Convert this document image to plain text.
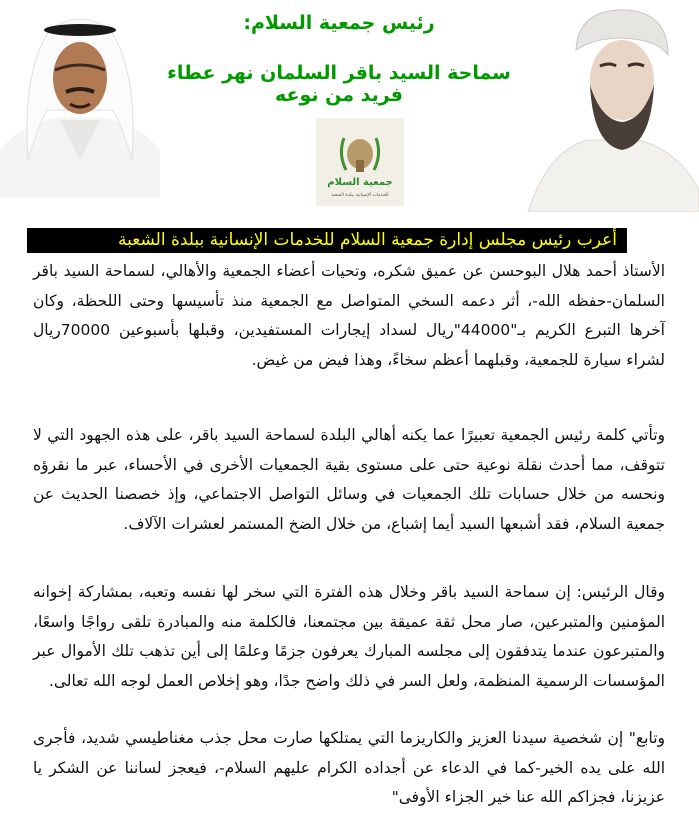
رئيس جمعية السلام:
سماحة السيد باقر السلمان نهر عطاء فريد من نوعه
جمعية السلام
للخدمات الإنسانية ببلدة الشعبة
أعرب رئيس مجلس إدارة جمعية السلام للخدمات الإنسانية ببلدة الشعبة

الأستاذ أحمد هلال البوحسن عن عميق شكره، وتحيات أعضاء الجمعية والأهالي، لسماحة السيد باقر السلمان-حفظه الله-، أثر دعمه السخي المتواصل مع الجمعية منذ تأسيسها وحتى اللحظة، وكان آخرها التبرع الكريم بـ"44000"ريال لسداد إيجارات المستفيدين، وقبلها بأسبوعين 70000ريال لشراء سيارة للجمعية، وقبلهما أعظم سخاءً، وهذا فيض من غيض.

وتأتي كلمة رئيس الجمعية تعبيرًا عما يكنه أهالي البلدة لسماحة السيد باقر، على هذه الجهود التي لا تتوقف، مما أحدث نقلة نوعية حتى على مستوى بقية الجمعيات الأخرى في الأحساء، عبر ما نقرؤه ونحسه من خلال حسابات تلك الجمعيات في وسائل التواصل الاجتماعي، وإذ خصصنا الحديث عن جمعية السلام، فقد أشبعها السيد أيما إشباع، من خلال الضخ المستمر لعشرات الآلاف.

وقال الرئيس: إن سماحة السيد باقر وخلال هذه الفترة التي سخر لها نفسه وتعبه، بمشاركة إخوانه المؤمنين والمتبرعين، صار محل ثقة عميقة بين مجتمعنا، فالكلمة منه والمبادرة تلقى رواجًا واسعًا، والمتبرعون عندما يتدفقون إلى مجلسه المبارك يعرفون جزمًا وعلمًا إلى أين تذهب تلك الأموال عبر المؤسسات الرسمية المنظمة، ولعل السر في ذلك واضح جدًا، وهو إخلاص العمل لوجه الله تعالى.

وتابع" إن شخصية سيدنا العزيز والكاريزما التي يمتلكها صارت محل جذب مغناطيسي شديد، فأجرى الله على يده الخير-كما في الدعاء عن أجداده الكرام عليهم السلام-، فيعجز لساننا عن الشكر يا عزيزنا، فجزاكم الله عنا خير الجزاء الأوفى"
